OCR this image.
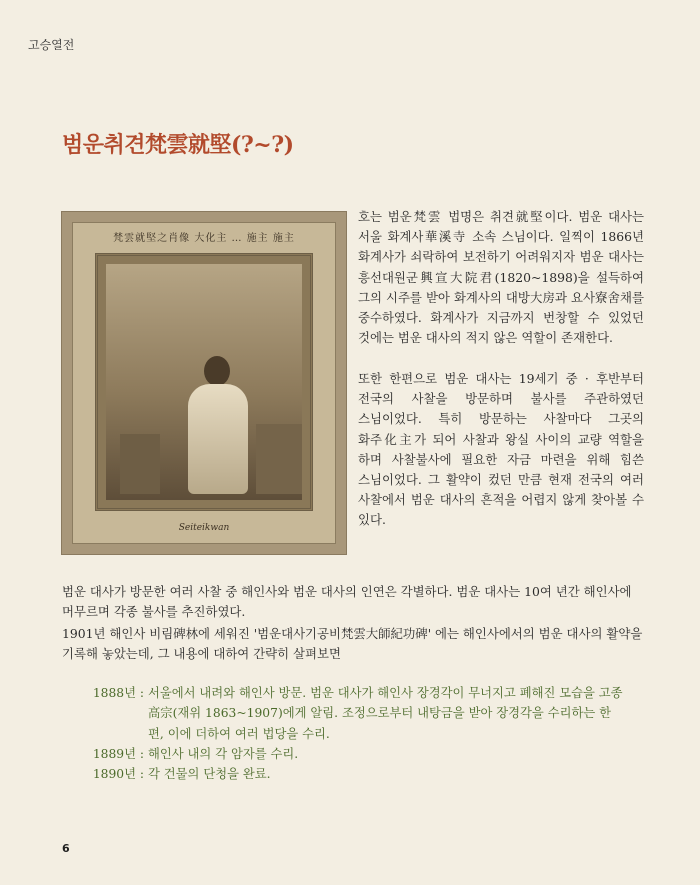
고승열전
범운취견梵雲就堅(?~?)
梵雲就堅之肖像 大化主 … 施主 施主
Seiteikwan

호는 범운梵雲 법명은 취견就堅이다. 범운 대사는 서울 화계사華溪寺 소속 스님이다. 일찍이 1866년 화계사가 쇠락하여 보전하기 어려워지자 범운 대사는 흥선대원군興宣大院君(1820~1898)을 설득하여 그의 시주를 받아 화계사의 대방大房과 요사寮舍채를 중수하였다. 화계사가 지금까지 번창할 수 있었던 것에는 범운 대사의 적지 않은 역할이 존재한다.

또한 한편으로 범운 대사는 19세기 중 · 후반부터 전국의 사찰을 방문하며 불사를 주관하였던 스님이었다. 특히 방문하는 사찰마다 그곳의 화주化主가 되어 사찰과 왕실 사이의 교량 역할을 하며 사찰불사에 필요한 자금 마련을 위해 힘쓴 스님이었다. 그 활약이 컸던 만큼 현재 전국의 여러 사찰에서 범운 대사의 흔적을 어렵지 않게 찾아볼 수 있다.

범운 대사가 방문한 여러 사찰 중 해인사와 범운 대사의 인연은 각별하다. 범운 대사는 10여 년간 해인사에 머무르며 각종 불사를 추진하였다.

1901년 해인사 비림碑林에 세워진 '범운대사기공비梵雲大師紀功碑' 에는 해인사에서의 범운 대사의 활약을 기록해 놓았는데, 그 내용에 대하여 간략히 살펴보면

1888년 : 서울에서 내려와 해인사 방문. 범운 대사가 해인사 장경각이 무너지고 폐해진 모습을 고종高宗(재위 1863~1907)에게 알림. 조정으로부터 내탕금을 받아 장경각을 수리하는 한편, 이에 더하여 여러 법당을 수리.
1889년 : 해인사 내의 각 암자를 수리.
1890년 : 각 건물의 단청을 완료.
6
